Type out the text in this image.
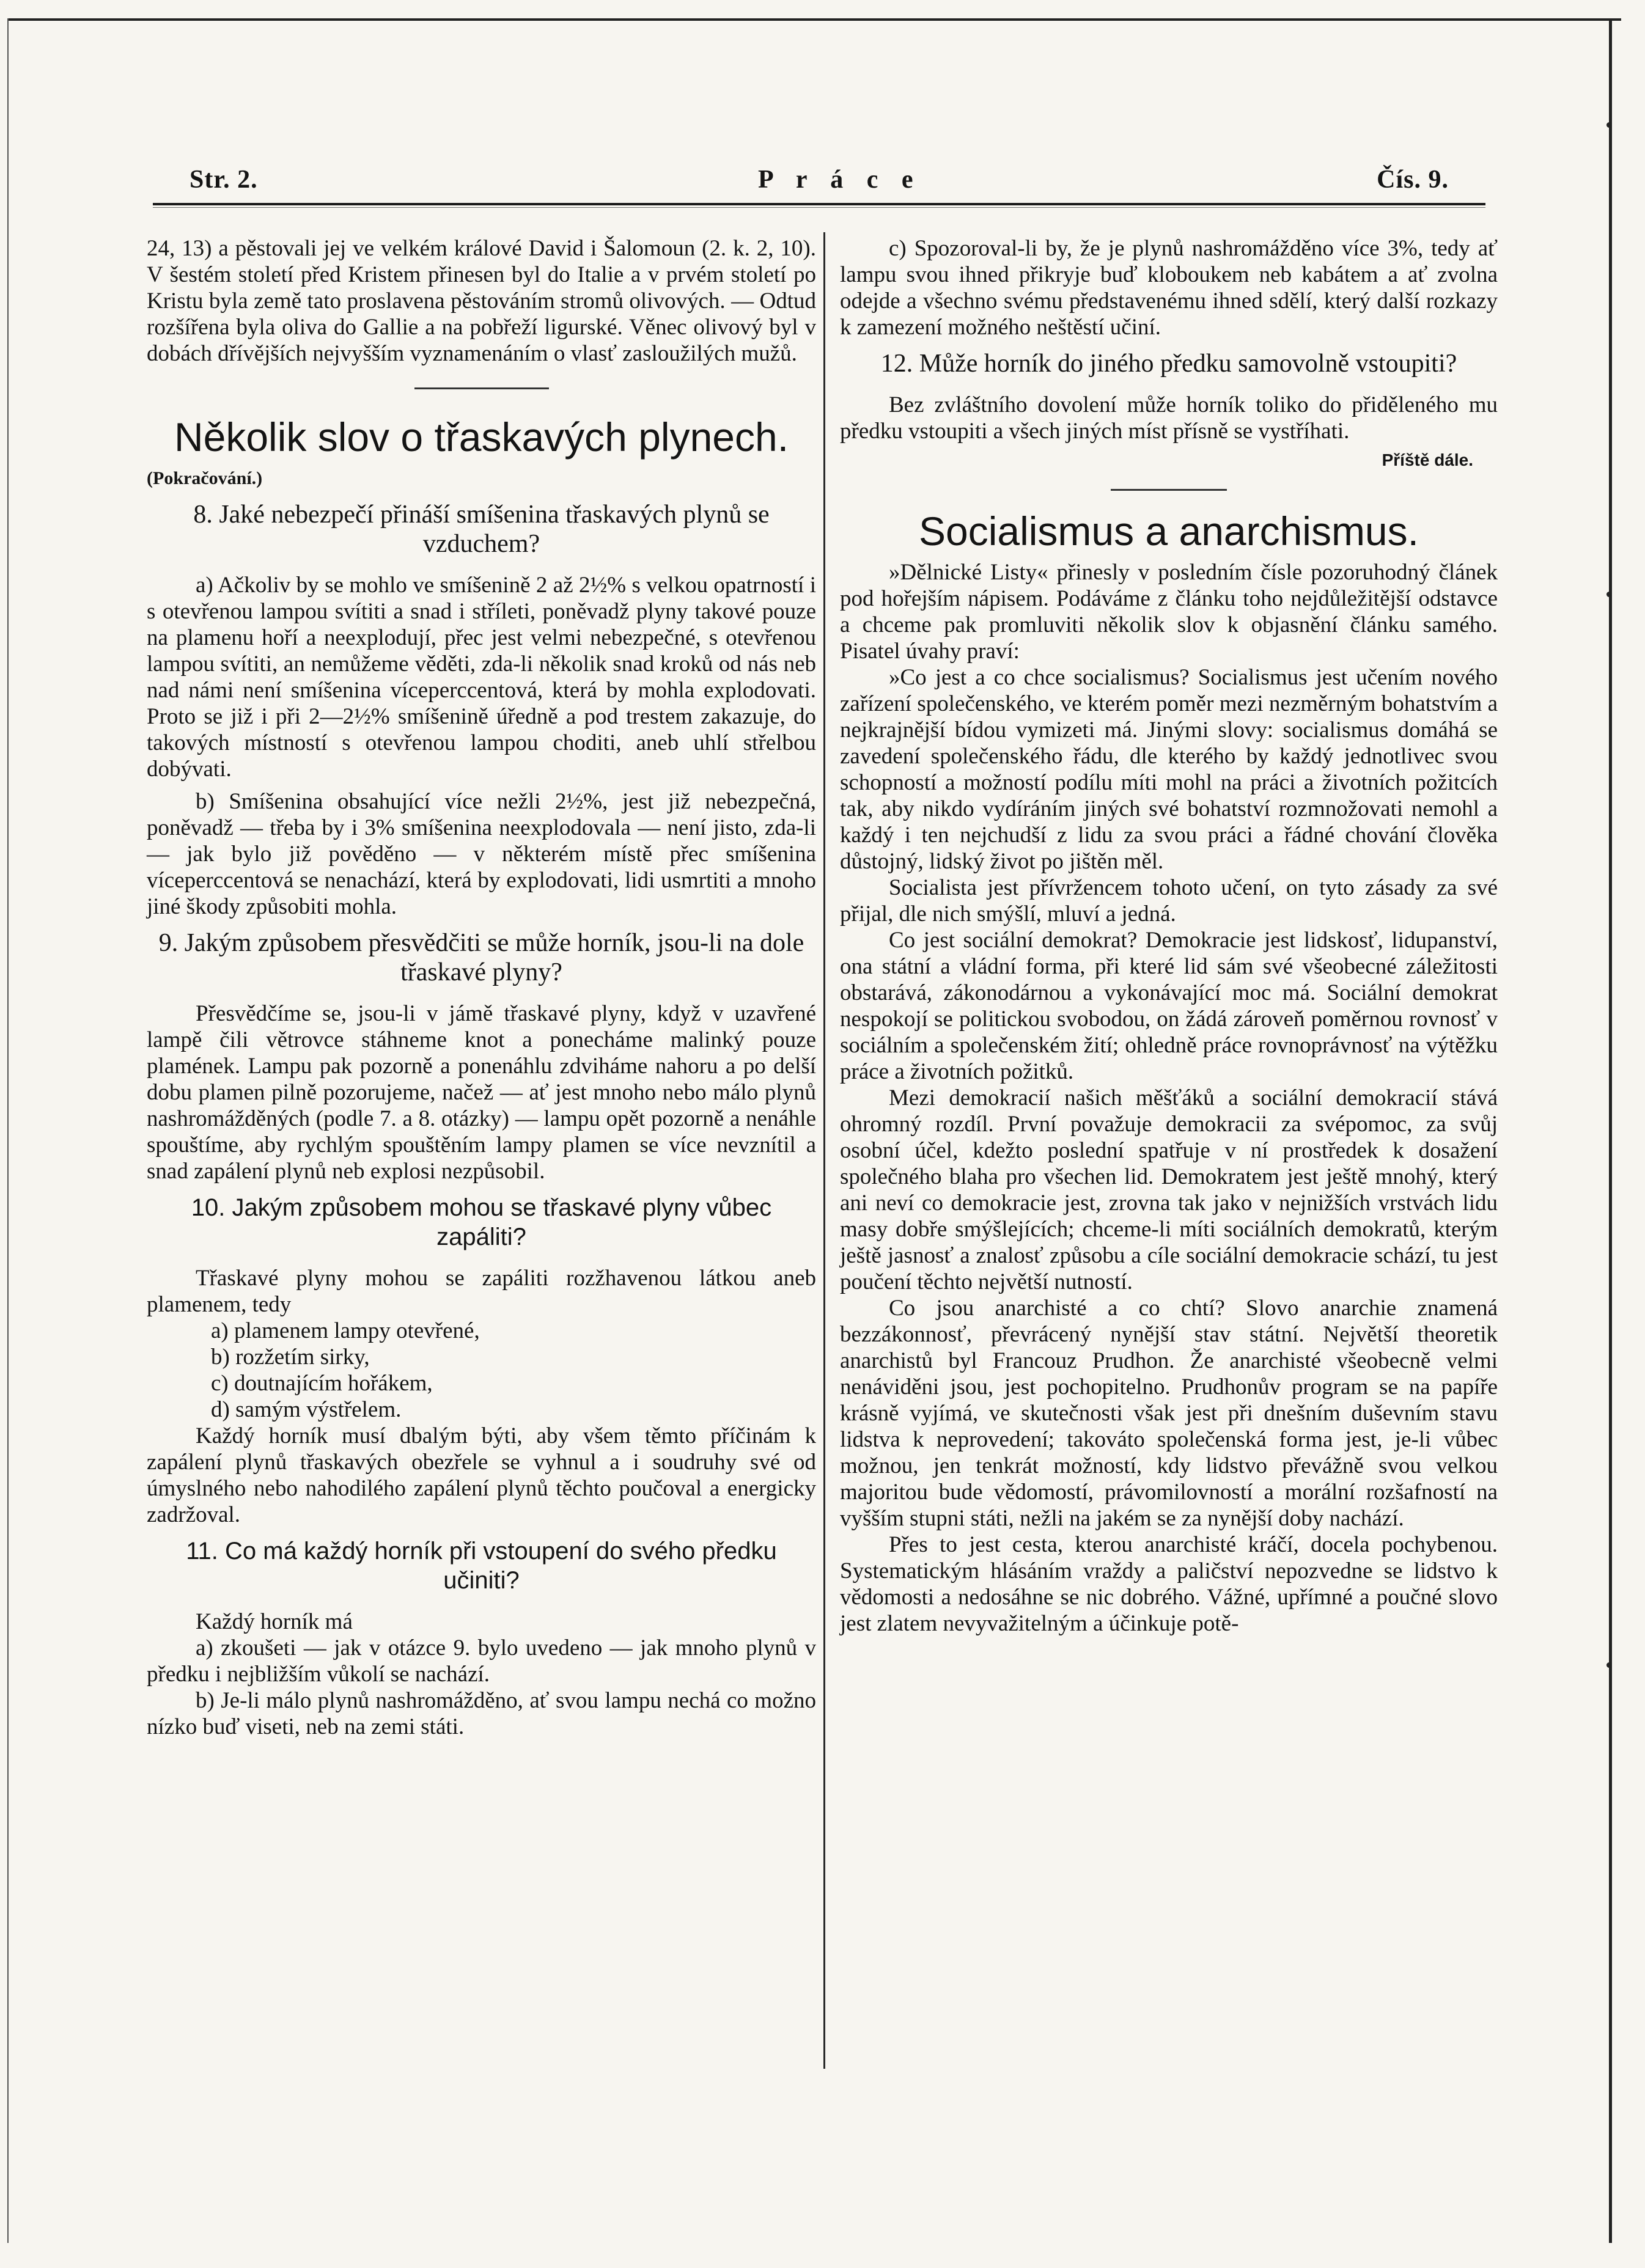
Str. 2.	P r á c e	Čís. 9.

24, 13) a pěstovali jej ve velkém králové David i Šalomoun (2. k. 2, 10). V šestém století před Kristem přinesen byl do Italie a v prvém století po Kristu byla země tato proslavena pěstováním stromů olivových. — Odtud rozšířena byla oliva do Gallie a na pobřeží ligurské. Věnec olivový byl v dobách dřívějších nejvyšším vyznamenáním o vlasť zasloužilých mužů.

Několik slov o třaskavých plynech.

(Pokračování.)

8. Jaké nebezpečí přináší smíšenina třaskavých plynů se vzduchem?

a) Ačkoliv by se mohlo ve smíšenině 2 až 2½% s velkou opatrností i s otevřenou lampou svítiti a snad i stříleti, poněvadž plyny takové pouze na plamenu hoří a neexplodují, přec jest velmi nebezpečné, s otevřenou lampou svítiti, an nemůžeme věděti, zda-li několik snad kroků od nás neb nad námi není smíšenina víceperccentová, která by mohla explodovati. Proto se již i při 2—2½% smíšenině úředně a pod trestem zakazuje, do takových místností s otevřenou lampou choditi, aneb uhlí střelbou dobývati.

b) Smíšenina obsahující více nežli 2½%, jest již nebezpečná, poněvadž — třeba by i 3% smíšenina neexplodovala — není jisto, zda-li — jak bylo již pověděno — v některém místě přec smíšenina víceperccentová se nenachází, která by explodovati, lidi usmrtiti a mnoho jiné škody způsobiti mohla.

9. Jakým způsobem přesvědčiti se může horník, jsou-li na dole třaskavé plyny?

Přesvědčíme se, jsou-li v jámě třaskavé plyny, když v uzavřené lampě čili větrovce stáhneme knot a ponecháme malinký pouze plamének. Lampu pak pozorně a ponenáhlu zdviháme nahoru a po delší dobu plamen pilně pozorujeme, načež — ať jest mnoho nebo málo plynů nashromážděných (podle 7. a 8. otázky) — lampu opět pozorně a nenáhle spouštíme, aby rychlým spouštěním lampy plamen se více nevznítil a snad zapálení plynů neb explosi nezpůsobil.

10. Jakým způsobem mohou se třaskavé plyny vůbec zapáliti?

Třaskavé plyny mohou se zapáliti rozžhavenou látkou aneb plamenem, tedy

a) plamenem lampy otevřené,
b) rozžetím sirky,
c) doutnajícím hořákem,
d) samým výstřelem.

Každý horník musí dbalým býti, aby všem těmto příčinám k zapálení plynů třaskavých obezřele se vyhnul a i soudruhy své od úmyslného nebo nahodilého zapálení plynů těchto poučoval a energicky zadržoval.

11. Co má každý horník při vstoupení do svého předku učiniti?

Každý horník má

a) zkoušeti — jak v otázce 9. bylo uvedeno — jak mnoho plynů v předku i nejbližším vůkolí se nachází.

b) Je-li málo plynů nashromážděno, ať svou lampu nechá co možno nízko buď viseti, neb na zemi státi.

c) Spozoroval-li by, že je plynů nashromážděno více 3%, tedy ať lampu svou ihned přikryje buď kloboukem neb kabátem a ať zvolna odejde a všechno svému představenému ihned sdělí, který další rozkazy k zamezení možného neštěstí učiní.

12. Může horník do jiného předku samovolně vstoupiti?

Bez zvláštního dovolení může horník toliko do přiděleného mu předku vstoupiti a všech jiných míst přísně se vystříhati.

Příště dále.
Socialismus a anarchismus.

»Dělnické Listy« přinesly v posledním čísle pozoruhodný článek pod hořejším nápisem. Podáváme z článku toho nejdůležitější odstavce a chceme pak promluviti několik slov k objasnění článku samého. Pisatel úvahy praví:

»Co jest a co chce socialismus? Socialismus jest učením nového zařízení společenského, ve kterém poměr mezi nezměrným bohatstvím a nejkrajnější bídou vymizeti má. Jinými slovy: socialismus domáhá se zavedení společenského řádu, dle kterého by každý jednotlivec svou schopností a možností podílu míti mohl na práci a životních požitcích tak, aby nikdo vydíráním jiných své bohatství rozmnožovati nemohl a každý i ten nejchudší z lidu za svou práci a řádné chování člověka důstojný, lidský život po jištěn měl.

Socialista jest přívržencem tohoto učení, on tyto zásady za své přijal, dle nich smýšlí, mluví a jedná.

Co jest sociální demokrat? Demokracie jest lidskosť, lidupanství, ona státní a vládní forma, při které lid sám své všeobecné záležitosti obstarává, zákonodárnou a vykonávající moc má. Sociální demokrat nespokojí se politickou svobodou, on žádá zároveň poměrnou rovnosť v sociálním a společenském žití; ohledně práce rovnoprávnosť na výtěžku práce a životních požitků.

Mezi demokracií našich měšťáků a sociální demokracií stává ohromný rozdíl. První považuje demokracii za svépomoc, za svůj osobní účel, kdežto poslední spatřuje v ní prostředek k dosažení společného blaha pro všechen lid. Demokratem jest ještě mnohý, který ani neví co demokracie jest, zrovna tak jako v nejnižších vrstvách lidu masy dobře smýšlejících; chceme-li míti sociálních demokratů, kterým ještě jasnosť a znalosť způsobu a cíle sociální demokracie schází, tu jest poučení těchto největší nutností.

Co jsou anarchisté a co chtí? Slovo anarchie znamená bezzákonnosť, převrácený nynější stav státní. Největší theoretik anarchistů byl Francouz Prudhon. Že anarchisté všeobecně velmi nenáviděni jsou, jest pochopitelno. Prudhonův program se na papíře krásně vyjímá, ve skutečnosti však jest při dnešním duševním stavu lidstva k neprovedení; takováto společenská forma jest, je-li vůbec možnou, jen tenkrát možností, kdy lidstvo převážně svou velkou majoritou bude vědomostí, právomilovností a morální rozšafností na vyšším stupni státi, nežli na jakém se za nynější doby nachází.

Přes to jest cesta, kterou anarchisté kráčí, docela pochybenou. Systematickým hlásáním vraždy a paličství nepozvedne se lidstvo k vědomosti a nedosáhne se nic dobrého. Vážné, upřímné a poučné slovo jest zlatem nevyvažitelným a účinkuje potě-
